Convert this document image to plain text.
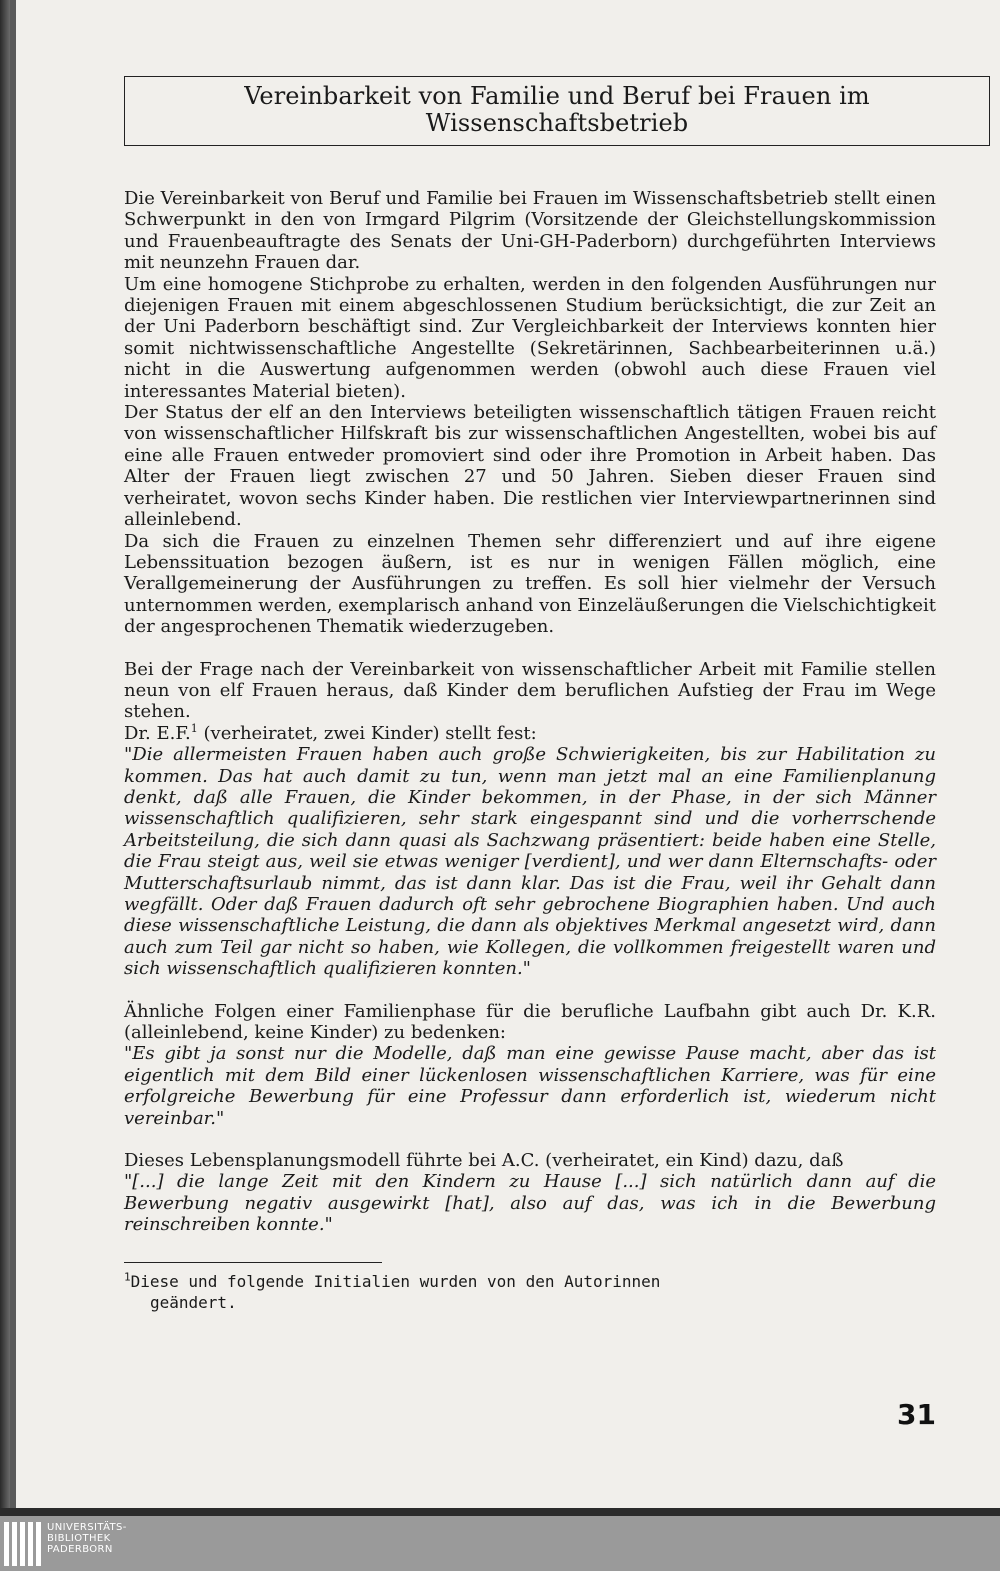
Vereinbarkeit von Familie und Beruf bei Frauen im
Wissenschaftsbetrieb

Die Vereinbarkeit von Beruf und Familie bei Frauen im Wissenschaftsbetrieb stellt einen Schwerpunkt in den von Irmgard Pilgrim (Vorsitzende der Gleichstellungskommission und Frauenbeauftragte des Senats der Uni-GH-Paderborn) durchgeführten Interviews mit neunzehn Frauen dar.

Um eine homogene Stichprobe zu erhalten, werden in den folgenden Ausführungen nur diejenigen Frauen mit einem abgeschlossenen Studium berücksichtigt, die zur Zeit an der Uni Paderborn beschäftigt sind. Zur Vergleichbarkeit der Interviews konnten hier somit nichtwissenschaftliche Angestellte (Sekretärinnen, Sachbearbeiterinnen u.ä.) nicht in die Auswertung aufgenommen werden (obwohl auch diese Frauen viel interessantes Material bieten).

Der Status der elf an den Interviews beteiligten wissenschaftlich tätigen Frauen reicht von wissenschaftlicher Hilfskraft bis zur wissenschaftlichen Angestellten, wobei bis auf eine alle Frauen entweder promoviert sind oder ihre Promotion in Arbeit haben. Das Alter der Frauen liegt zwischen 27 und 50 Jahren. Sieben dieser Frauen sind verheiratet, wovon sechs Kinder haben. Die restlichen vier Interviewpartnerinnen sind alleinlebend.

Da sich die Frauen zu einzelnen Themen sehr differenziert und auf ihre eigene Lebenssituation bezogen äußern, ist es nur in wenigen Fällen möglich, eine Verallgemeinerung der Ausführungen zu treffen. Es soll hier vielmehr der Versuch unternommen werden, exemplarisch anhand von Einzeläußerungen die Vielschichtigkeit der angesprochenen Thematik wiederzugeben.

Bei der Frage nach der Vereinbarkeit von wissenschaftlicher Arbeit mit Familie stellen neun von elf Frauen heraus, daß Kinder dem beruflichen Aufstieg der Frau im Wege stehen.

Dr. E.F.$^1$ (verheiratet, zwei Kinder) stellt fest:

"Die allermeisten Frauen haben auch große Schwierigkeiten, bis zur Habilitation zu kommen. Das hat auch damit zu tun, wenn man jetzt mal an eine Familienplanung denkt, daß alle Frauen, die Kinder bekommen, in der Phase, in der sich Männer wissenschaftlich qualifizieren, sehr stark eingespannt sind und die vorherrschende Arbeitsteilung, die sich dann quasi als Sachzwang präsentiert: beide haben eine Stelle, die Frau steigt aus, weil sie etwas weniger [verdient], und wer dann Elternschafts- oder Mutterschaftsurlaub nimmt, das ist dann klar. Das ist die Frau, weil ihr Gehalt dann wegfällt. Oder daß Frauen dadurch oft sehr gebrochene Biographien haben. Und auch diese wissenschaftliche Leistung, die dann als objektives Merkmal angesetzt wird, dann auch zum Teil gar nicht so haben, wie Kollegen, die vollkommen freigestellt waren und sich wissenschaftlich qualifizieren konnten."

Ähnliche Folgen einer Familienphase für die berufliche Laufbahn gibt auch Dr. K.R. (alleinlebend, keine Kinder) zu bedenken:

"Es gibt ja sonst nur die Modelle, daß man eine gewisse Pause macht, aber das ist eigentlich mit dem Bild einer lückenlosen wissenschaftlichen Karriere, was für eine erfolgreiche Bewerbung für eine Professur dann erforderlich ist, wiederum nicht vereinbar."

Dieses Lebensplanungsmodell führte bei A.C. (verheiratet, ein Kind) dazu, daß

"[...] die lange Zeit mit den Kindern zu Hause [...] sich natürlich dann auf die Bewerbung negativ ausgewirkt [hat], also auf das, was ich in die Bewerbung reinschreiben konnte."

$^1$Diese und folgende Initialien wurden von den Autorinnen
geändert.
31
UNIVERSITÄTS-
BIBLIOTHEK
PADERBORN
